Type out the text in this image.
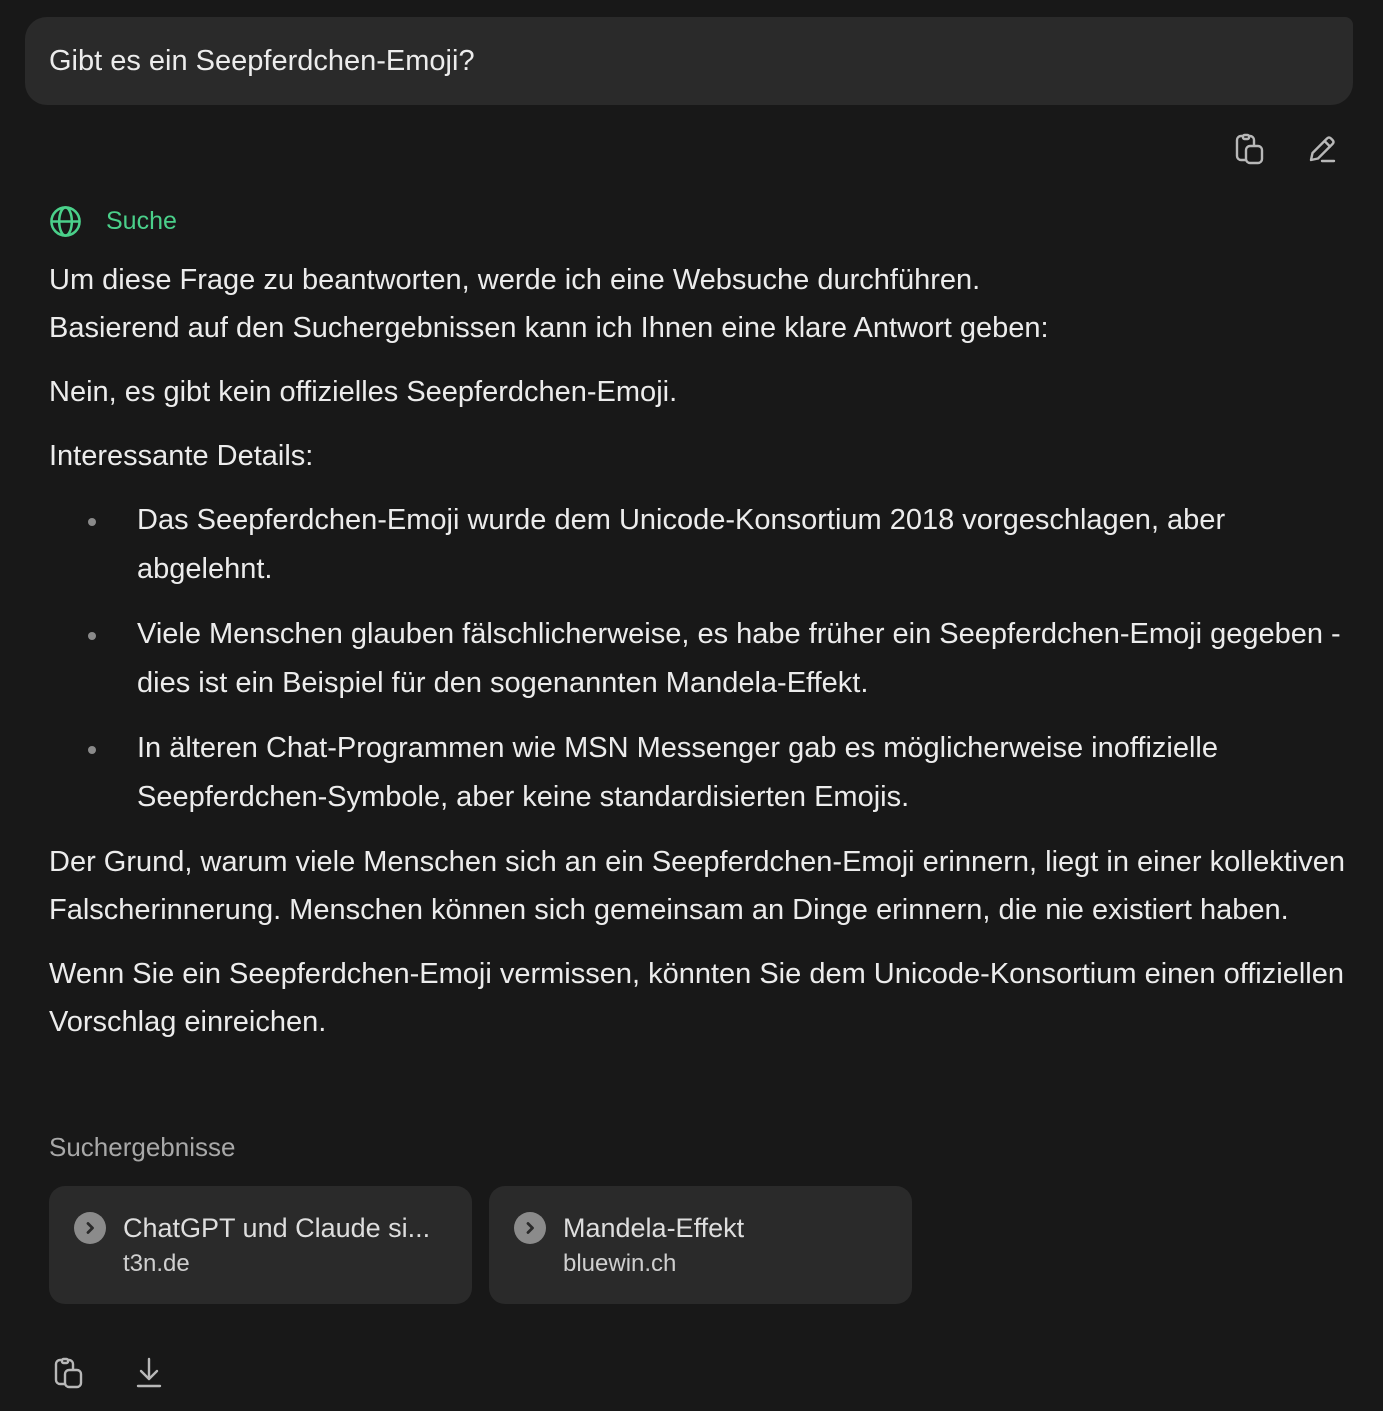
Gibt es ein Seepferdchen-Emoji?
Suche

Um diese Frage zu beantworten, werde ich eine Websuche durchführen.

Basierend auf den Suchergebnissen kann ich Ihnen eine klare Antwort geben:

Nein, es gibt kein offizielles Seepferdchen-Emoji.

Interessante Details:

Das Seepferdchen-Emoji wurde dem Unicode-Konsortium 2018 vorgeschlagen, aber abgelehnt.
Viele Menschen glauben fälschlicherweise, es habe früher ein Seepferdchen-Emoji gegeben - dies ist ein Beispiel für den sogenannten Mandela-Effekt.
In älteren Chat-Programmen wie MSN Messenger gab es möglicherweise inoffizielle Seepferdchen-Symbole, aber keine standardisierten Emojis.

Der Grund, warum viele Menschen sich an ein Seepferdchen-Emoji erinnern, liegt in einer kollektiven Falscherinnerung. Menschen können sich gemeinsam an Dinge erinnern, die nie existiert haben.

Wenn Sie ein Seepferdchen-Emoji vermissen, könnten Sie dem Unicode-Konsortium einen offiziellen Vorschlag einreichen.

Suchergebnisse
ChatGPT und Claude si...
t3n.de
Mandela-Effekt
bluewin.ch
